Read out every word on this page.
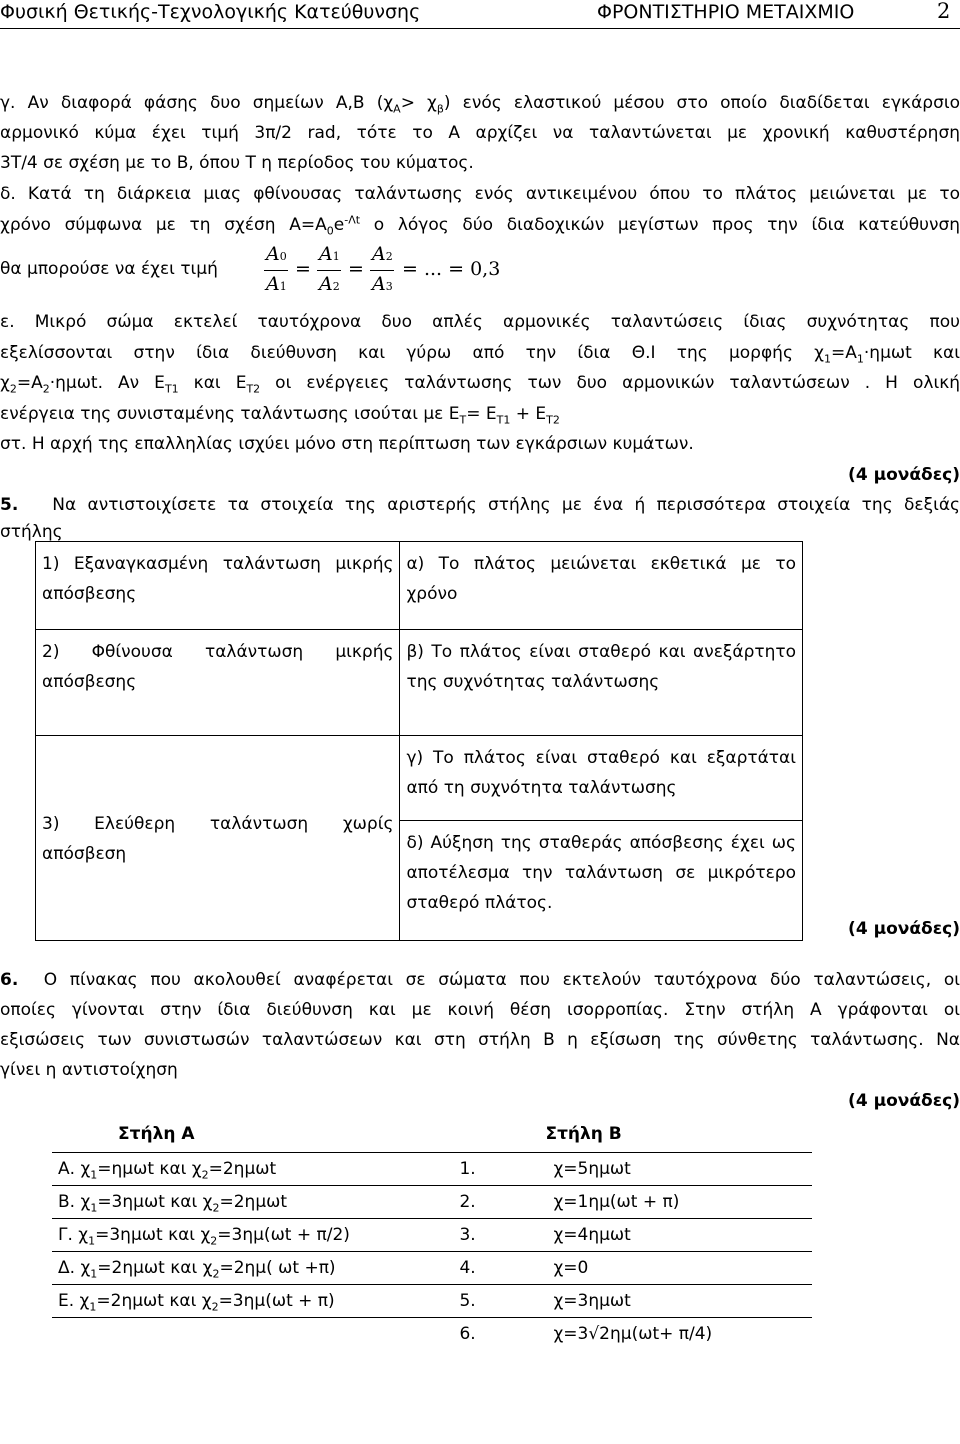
Φυσική Θετικής-Τεχνολογικής Κατεύθυνσης	ΦΡΟΝΤΙΣΤΗΡΙΟ ΜΕΤΑΙΧΜΙΟ	2
γ. Αν διαφορά φάσης δυο σημείων Α,Β $(\chi_A> \chi_\beta)$ ενός ελαστικού μέσου στο οποίο διαδίδεται εγκάρσιο
αρμονικό κύμα έχει τιμή 3π/2 rad, τότε το Α αρχίζει να ταλαντώνεται με χρονική καθυστέρηση
3Τ/4 σε σχέση με το Β, όπου Τ η περίοδος του κύματος.
δ. Κατά τη διάρκεια μιας φθίνουσας ταλάντωσης ενός αντικειμένου όπου το πλάτος μειώνεται με το
χρόνο σύμφωνα με τη σχέση $A=A_0e^{-\Lambda t}$ ο λόγος δύο διαδοχικών μεγίστων προς την ίδια κατεύθυνση
θα μπορούσε να έχει τιμή
A0
A1
=
A1
A2
=
A2
A3
= ... = 0,3
ε. Μικρό σώμα εκτελεί ταυτόχρονα δυο απλές αρμονικές ταλαντώσεις ίδιας συχνότητας που
εξελίσσονται στην ίδια διεύθυνση και γύρω από την ίδια Θ.Ι της μορφής $\chi_1=A_1\cdot\eta\mu\omega t$ και
$\chi_2=A_2\cdot\eta\mu\omega t$. Αν $E_{T1}$ και $E_{T2}$ οι ενέργειες ταλάντωσης των δυο αρμονικών ταλαντώσεων . Η ολική
ενέργεια της συνισταμένης ταλάντωσης ισούται με $E_T= E_{T1} + E_{T2}$
στ. Η αρχή της επαλληλίας ισχύει μόνο στη περίπτωση των εγκάρσιων κυμάτων.
(4 μονάδες)
5. Να αντιστοιχίσετε τα στοιχεία της αριστερής στήλης με ένα ή περισσότερα στοιχεία της δεξιάς
στήλης
1) Εξαναγκασμένη ταλάντωση μικρής απόσβεσης	α) Το πλάτος μειώνεται εκθετικά με το χρόνο
2) Φθίνουσα ταλάντωση μικρής απόσβεσης	β) Το πλάτος είναι σταθερό και ανεξάρτητο της συχνότητας ταλάντωσης
3) Ελεύθερη ταλάντωση χωρίς απόσβεση	γ) Το πλάτος είναι σταθερό και εξαρτάται από τη συχνότητα ταλάντωσης
	δ) Αύξηση της σταθεράς απόσβεσης έχει ως αποτέλεσμα την ταλάντωση σε μικρότερο σταθερό πλάτος.
(4 μονάδες)
6. Ο πίνακας που ακολουθεί αναφέρεται σε σώματα που εκτελούν ταυτόχρονα δύο ταλαντώσεις, οι
οποίες γίνονται στην ίδια διεύθυνση και με κοινή θέση ισορροπίας. Στην στήλη Α γράφονται οι
εξισώσεις των συνιστωσών ταλαντώσεων και στη στήλη Β η εξίσωση της σύνθετης ταλάντωσης. Να
γίνει η αντιστοίχηση
(4 μονάδες)
Στήλη Α	Στήλη Β
Α. $\chi_1=\eta\mu\omega t$ και $\chi_2=2\eta\mu\omega t$	1. χ=5ημωt
Β. $\chi_1=3\eta\mu\omega t$ και $\chi_2=2\eta\mu\omega t$	2. χ=1ημ(ωt + π)
Γ. $\chi_1=3\eta\mu\omega t$ και $\chi_2=3\eta\mu(\omega t + \pi/2)$	3. χ=4ημωt
Δ. $\chi_1=2\eta\mu\omega t$ και $\chi_2=2\eta\mu$( ωt +π)	4. χ=0
Ε. $\chi_1=2\eta\mu\omega t$ και $\chi_2=3\eta\mu(\omega t + \pi)$	5. χ=3ημωt
	6. χ=3√2ημ(ωt+ π/4)
